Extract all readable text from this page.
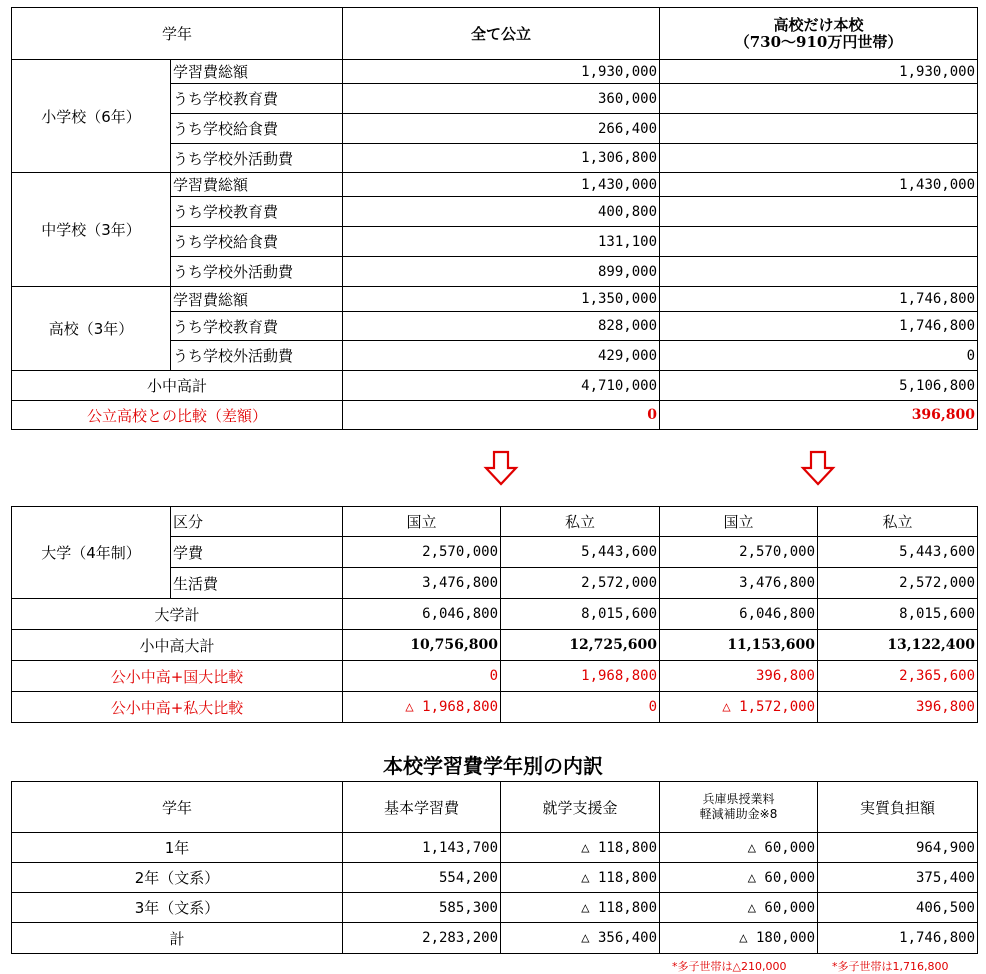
学年		全て公立	高校だけ本校
（730～910万円世帯）

小学校（6年）	学習費総額	1,930,000	1,930,000
	うち学校教育費	360,000	
	うち学校給食費	266,400	
	うち学校外活動費	1,306,800	
中学校（3年）	学習費総額	1,430,000	1,430,000
	うち学校教育費	400,800	
	うち学校給食費	131,100	
	うち学校外活動費	899,000	
高校（3年）	学習費総額	1,350,000	1,746,800
	うち学校教育費	828,000	1,746,800
	うち学校外活動費	429,000	0
小中高計		4,710,000	5,106,800
公立高校との比較（差額）		0	396,800
大学（4年制）	区分	国立	私立	国立	私立
	学費	2,570,000	5,443,600	2,570,000	5,443,600
	生活費	3,476,800	2,572,000	3,476,800	2,572,000
大学計		6,046,800	8,015,600	6,046,800	8,015,600
小中高大計		10,756,800	12,725,600	11,153,600	13,122,400
公小中高+国大比較		0	1,968,800	396,800	2,365,600
公小中高+私大比較		△ 1,968,800	0	△ 1,572,000	396,800
本校学習費学年別の内訳
学年	基本学習費	就学支援金	兵庫県授業料
軽減補助金※8	実質負担額
1年	1,143,700	△ 118,800	△ 60,000	964,900
2年（文系）	554,200	△ 118,800	△ 60,000	375,400
3年（文系）	585,300	△ 118,800	△ 60,000	406,500
計	2,283,200	△ 356,400	△ 180,000	1,746,800
*多子世帯は△210,000	*多子世帯は1,716,800
